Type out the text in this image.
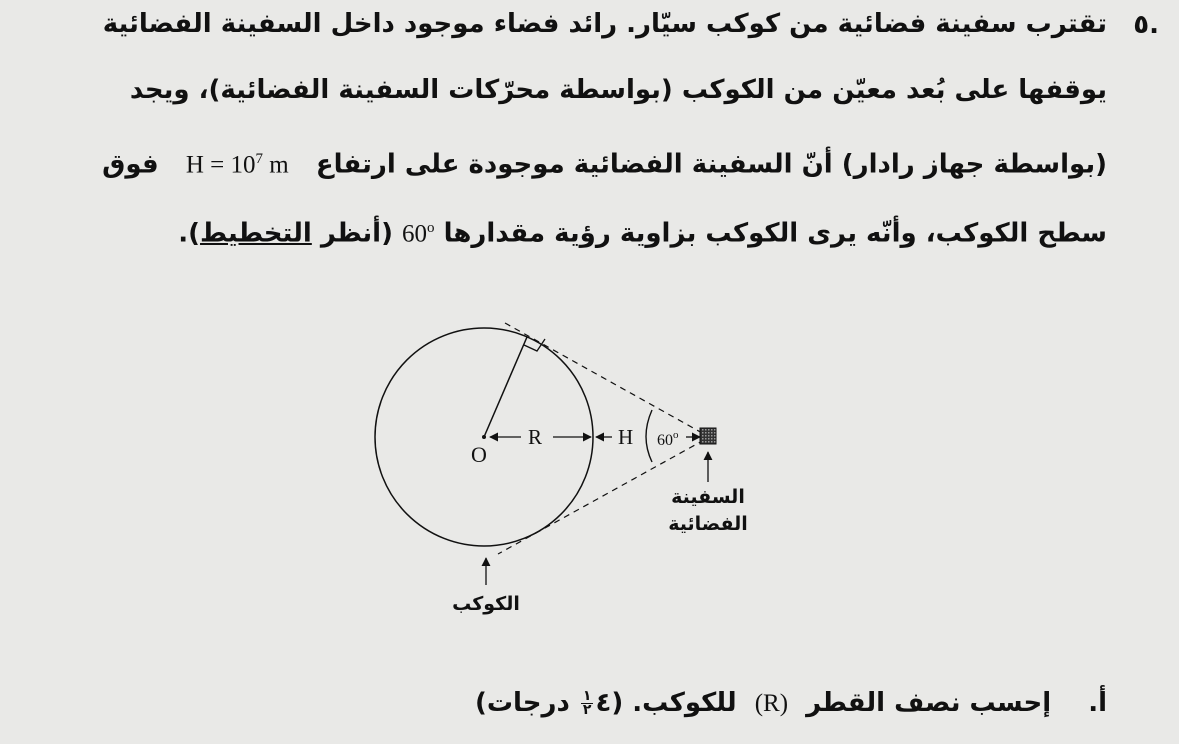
.٥
تقترب سفينة فضائية من كوكب سيّار. رائد فضاء موجود داخل السفينة الفضائية
يوقفها على بُعد معيّن من الكوكب (بواسطة محرّكات السفينة الفضائية)، ويجد
(بواسطة جهاز رادار) أنّ السفينة الفضائية موجودة على ارتفاع   $H = 10^7$ m   فوق
سطح الكوكب، وأنّه يرى الكوكب بزاوية رؤية مقدارها 60$^o$ (أنظر التخطيط).
O
R	H 60$^o$
السفينة
الفضائية
الكوكب
أ. إحسب نصف القطر  (R)  للكوكب. (٤
$\frac{١}{٢}$
درجات)
